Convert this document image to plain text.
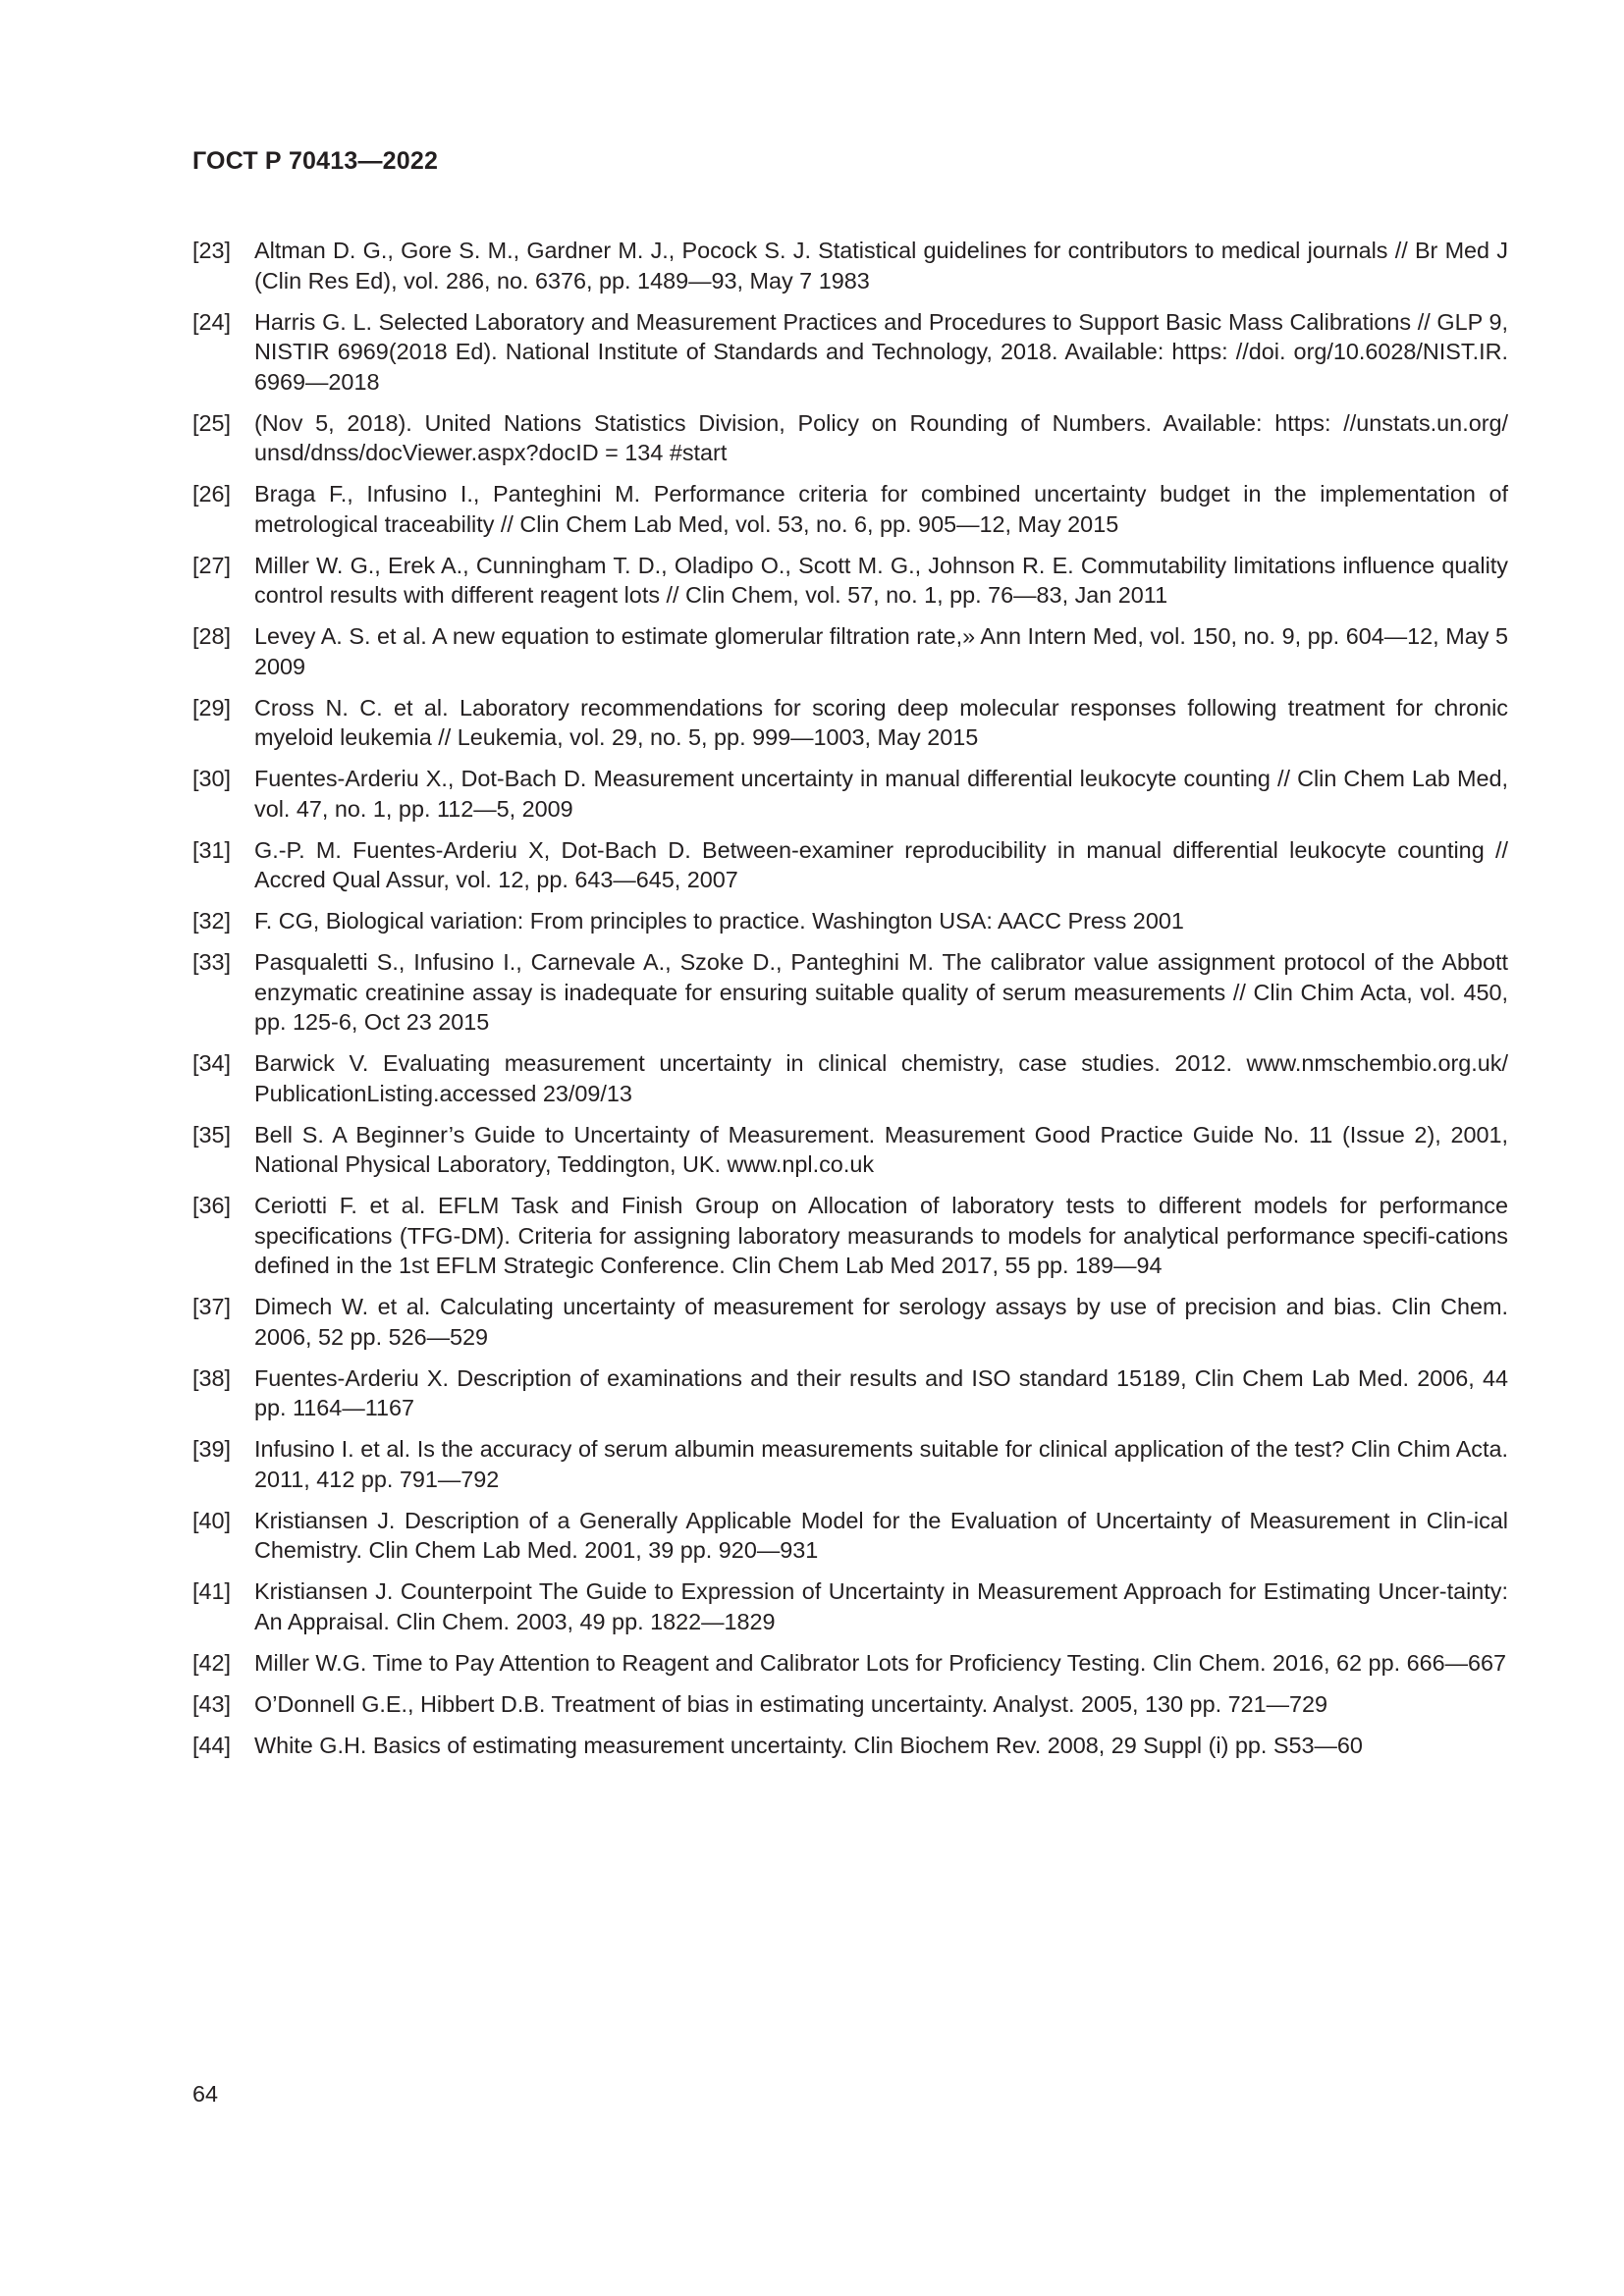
ГОСТ Р 70413—2022
[23]	Altman D. G., Gore S. M., Gardner M. J., Pocock S. J. Statistical guidelines for contributors to medical journals // Br Med J (Clin Res Ed), vol. 286, no. 6376, pp. 1489—93, May 7 1983
[24]	Harris G. L. Selected Laboratory and Measurement Practices and Procedures to Support Basic Mass Calibrations // GLP 9, NISTIR 6969(2018 Ed). National Institute of Standards and Technology, 2018. Available: https: //doi. org/10.6028/NIST.IR. 6969—2018
[25]	(Nov 5, 2018). United Nations Statistics Division, Policy on Rounding of Numbers. Available: https: //unstats.un.org/ unsd/dnss/docViewer.aspx?docID = 134 #start
[26]	Braga F., Infusino I., Panteghini M. Performance criteria for combined uncertainty budget in the implementation of metrological traceability // Clin Chem Lab Med, vol. 53, no. 6, pp. 905—12, May 2015
[27]	Miller W. G., Erek A., Cunningham T. D., Oladipo O., Scott M. G., Johnson R. E. Commutability limitations influence quality control results with different reagent lots // Clin Chem, vol. 57, no. 1, pp. 76—83, Jan 2011
[28]	Levey A. S. et al. A new equation to estimate glomerular filtration rate,» Ann Intern Med, vol. 150, no. 9, pp. 604—12, May 5 2009
[29]	Cross N. C. et al. Laboratory recommendations for scoring deep molecular responses following treatment for chronic myeloid leukemia // Leukemia, vol. 29, no. 5, pp. 999—1003, May 2015
[30]	Fuentes-Arderiu X., Dot-Bach D. Measurement uncertainty in manual differential leukocyte counting // Clin Chem Lab Med, vol. 47, no. 1, pp. 112—5, 2009
[31]	G.-P. M. Fuentes-Arderiu X, Dot-Bach D. Between-examiner reproducibility in manual differential leukocyte counting // Accred Qual Assur, vol. 12, pp. 643—645, 2007
[32]	F. CG, Biological variation: From principles to practice. Washington USA: AACC Press 2001
[33]	Pasqualetti S., Infusino I., Carnevale A., Szoke D., Panteghini M. The calibrator value assignment protocol of the Abbott enzymatic creatinine assay is inadequate for ensuring suitable quality of serum measurements // Clin Chim Acta, vol. 450, pp. 125-6, Oct 23 2015
[34]	Barwick V. Evaluating measurement uncertainty in clinical chemistry, case studies. 2012. www.nmschembio.org.uk/ PublicationListing.accessed 23/09/13
[35]	Bell S. A Beginner’s Guide to Uncertainty of Measurement. Measurement Good Practice Guide No. 11 (Issue 2), 2001, National Physical Laboratory, Teddington, UK. www.npl.co.uk
[36]	Ceriotti F. et al. EFLM Task and Finish Group on Allocation of laboratory tests to different models for performance specifications (TFG-DM). Criteria for assigning laboratory measurands to models for analytical performance specifi-cations defined in the 1st EFLM Strategic Conference. Clin Chem Lab Med 2017, 55 pp. 189—94
[37]	Dimech W. et al. Calculating uncertainty of measurement for serology assays by use of precision and bias. Clin Chem. 2006, 52 pp. 526—529
[38]	Fuentes-Arderiu X. Description of examinations and their results and ISO standard 15189, Clin Chem Lab Med. 2006, 44 pp. 1164—1167
[39]	Infusino I. et al. Is the accuracy of serum albumin measurements suitable for clinical application of the test? Clin Chim Acta. 2011, 412 pp. 791—792
[40]	Kristiansen J. Description of a Generally Applicable Model for the Evaluation of Uncertainty of Measurement in Clin-ical Chemistry. Clin Chem Lab Med. 2001, 39 pp. 920—931
[41]	Kristiansen J. Counterpoint The Guide to Expression of Uncertainty in Measurement Approach for Estimating Uncer-tainty: An Appraisal. Clin Chem. 2003, 49 pp. 1822—1829
[42]	Miller W.G. Time to Pay Attention to Reagent and Calibrator Lots for Proficiency Testing. Clin Chem. 2016, 62 pp. 666—667
[43]	O’Donnell G.E., Hibbert D.B. Treatment of bias in estimating uncertainty. Analyst. 2005, 130 pp. 721—729
[44]	White G.H. Basics of estimating measurement uncertainty. Clin Biochem Rev. 2008, 29 Suppl (i) pp. S53—60
64
